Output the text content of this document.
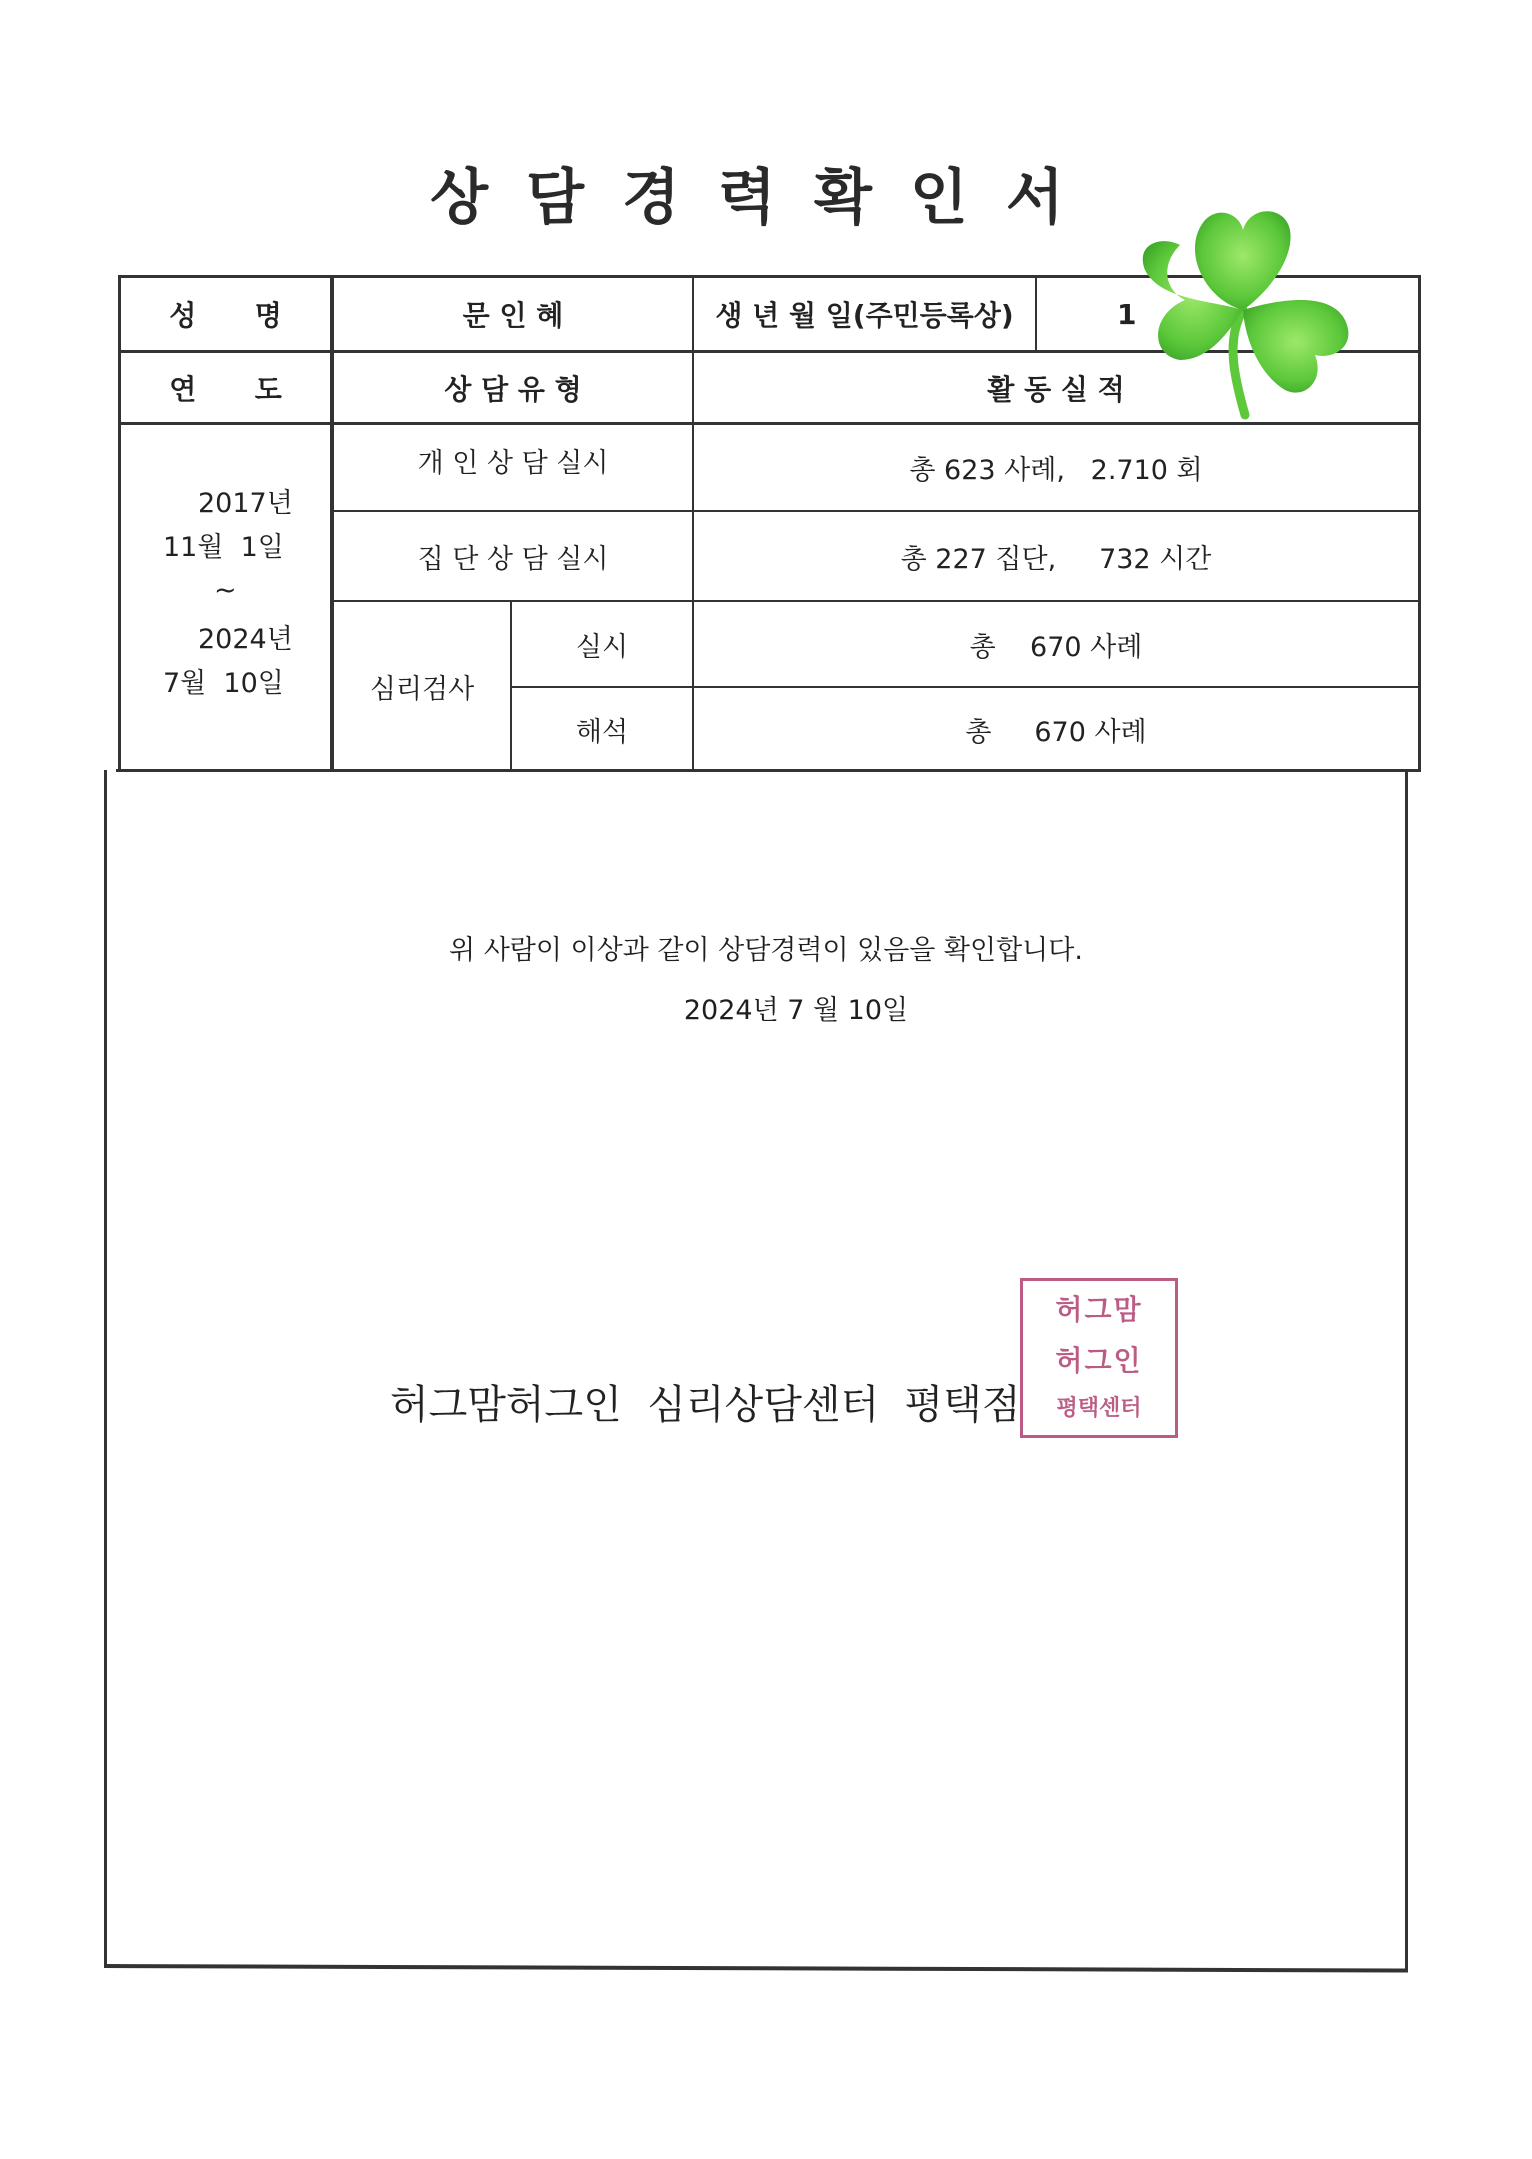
상담경력확인서
성      명	문 인 혜	생 년 월 일(주민등록상)	1
연      도	상 담 유 형	활 동 실 적
2017년
11월  1일
~
2024년
7월  10일
개 인 상 담 실시	총 623 사례,   2.710 회
집 단 상 담 실시	총 227 집단,     732 시간
심리검사
실시	총    670 사례
해석	총     670 사례
위 사람이 이상과 같이 상담경력이 있음을 확인합니다.
2024년 7 월 10일
허그맘허그인  심리상담센터  평택점
허그맘
허그인
평택센터
